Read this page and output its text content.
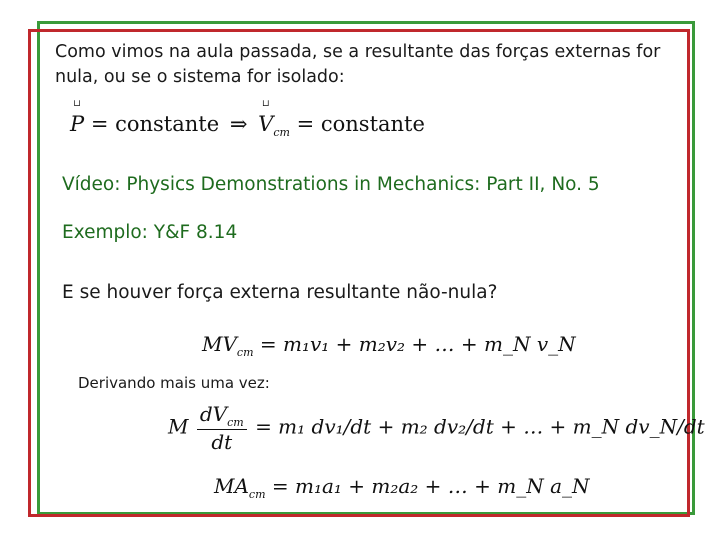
Como vimos na aula passada, se a resultante das forças externas for nula, ou se o sistema for isolado:
⊔ P = constante ⇒ ⊔ $V_{cm}$ = constante
Vídeo: Physics Demonstrations in Mechanics: Part II, No. 5
Exemplo: Y&F 8.14
E se houver força externa resultante não-nula?
$MV_{cm} = m_1v_1 + m_2v_2$ + … + m_N v_N
Derivando mais uma vez:
M $\frac{dV_{cm}}{dt} = m_1$ dv₁/dt + m₂ dv₂/dt + … + m_N dv_N/dt
$MA_{cm} = m_1a_1 + m_2a_2$ + … + m_N a_N
